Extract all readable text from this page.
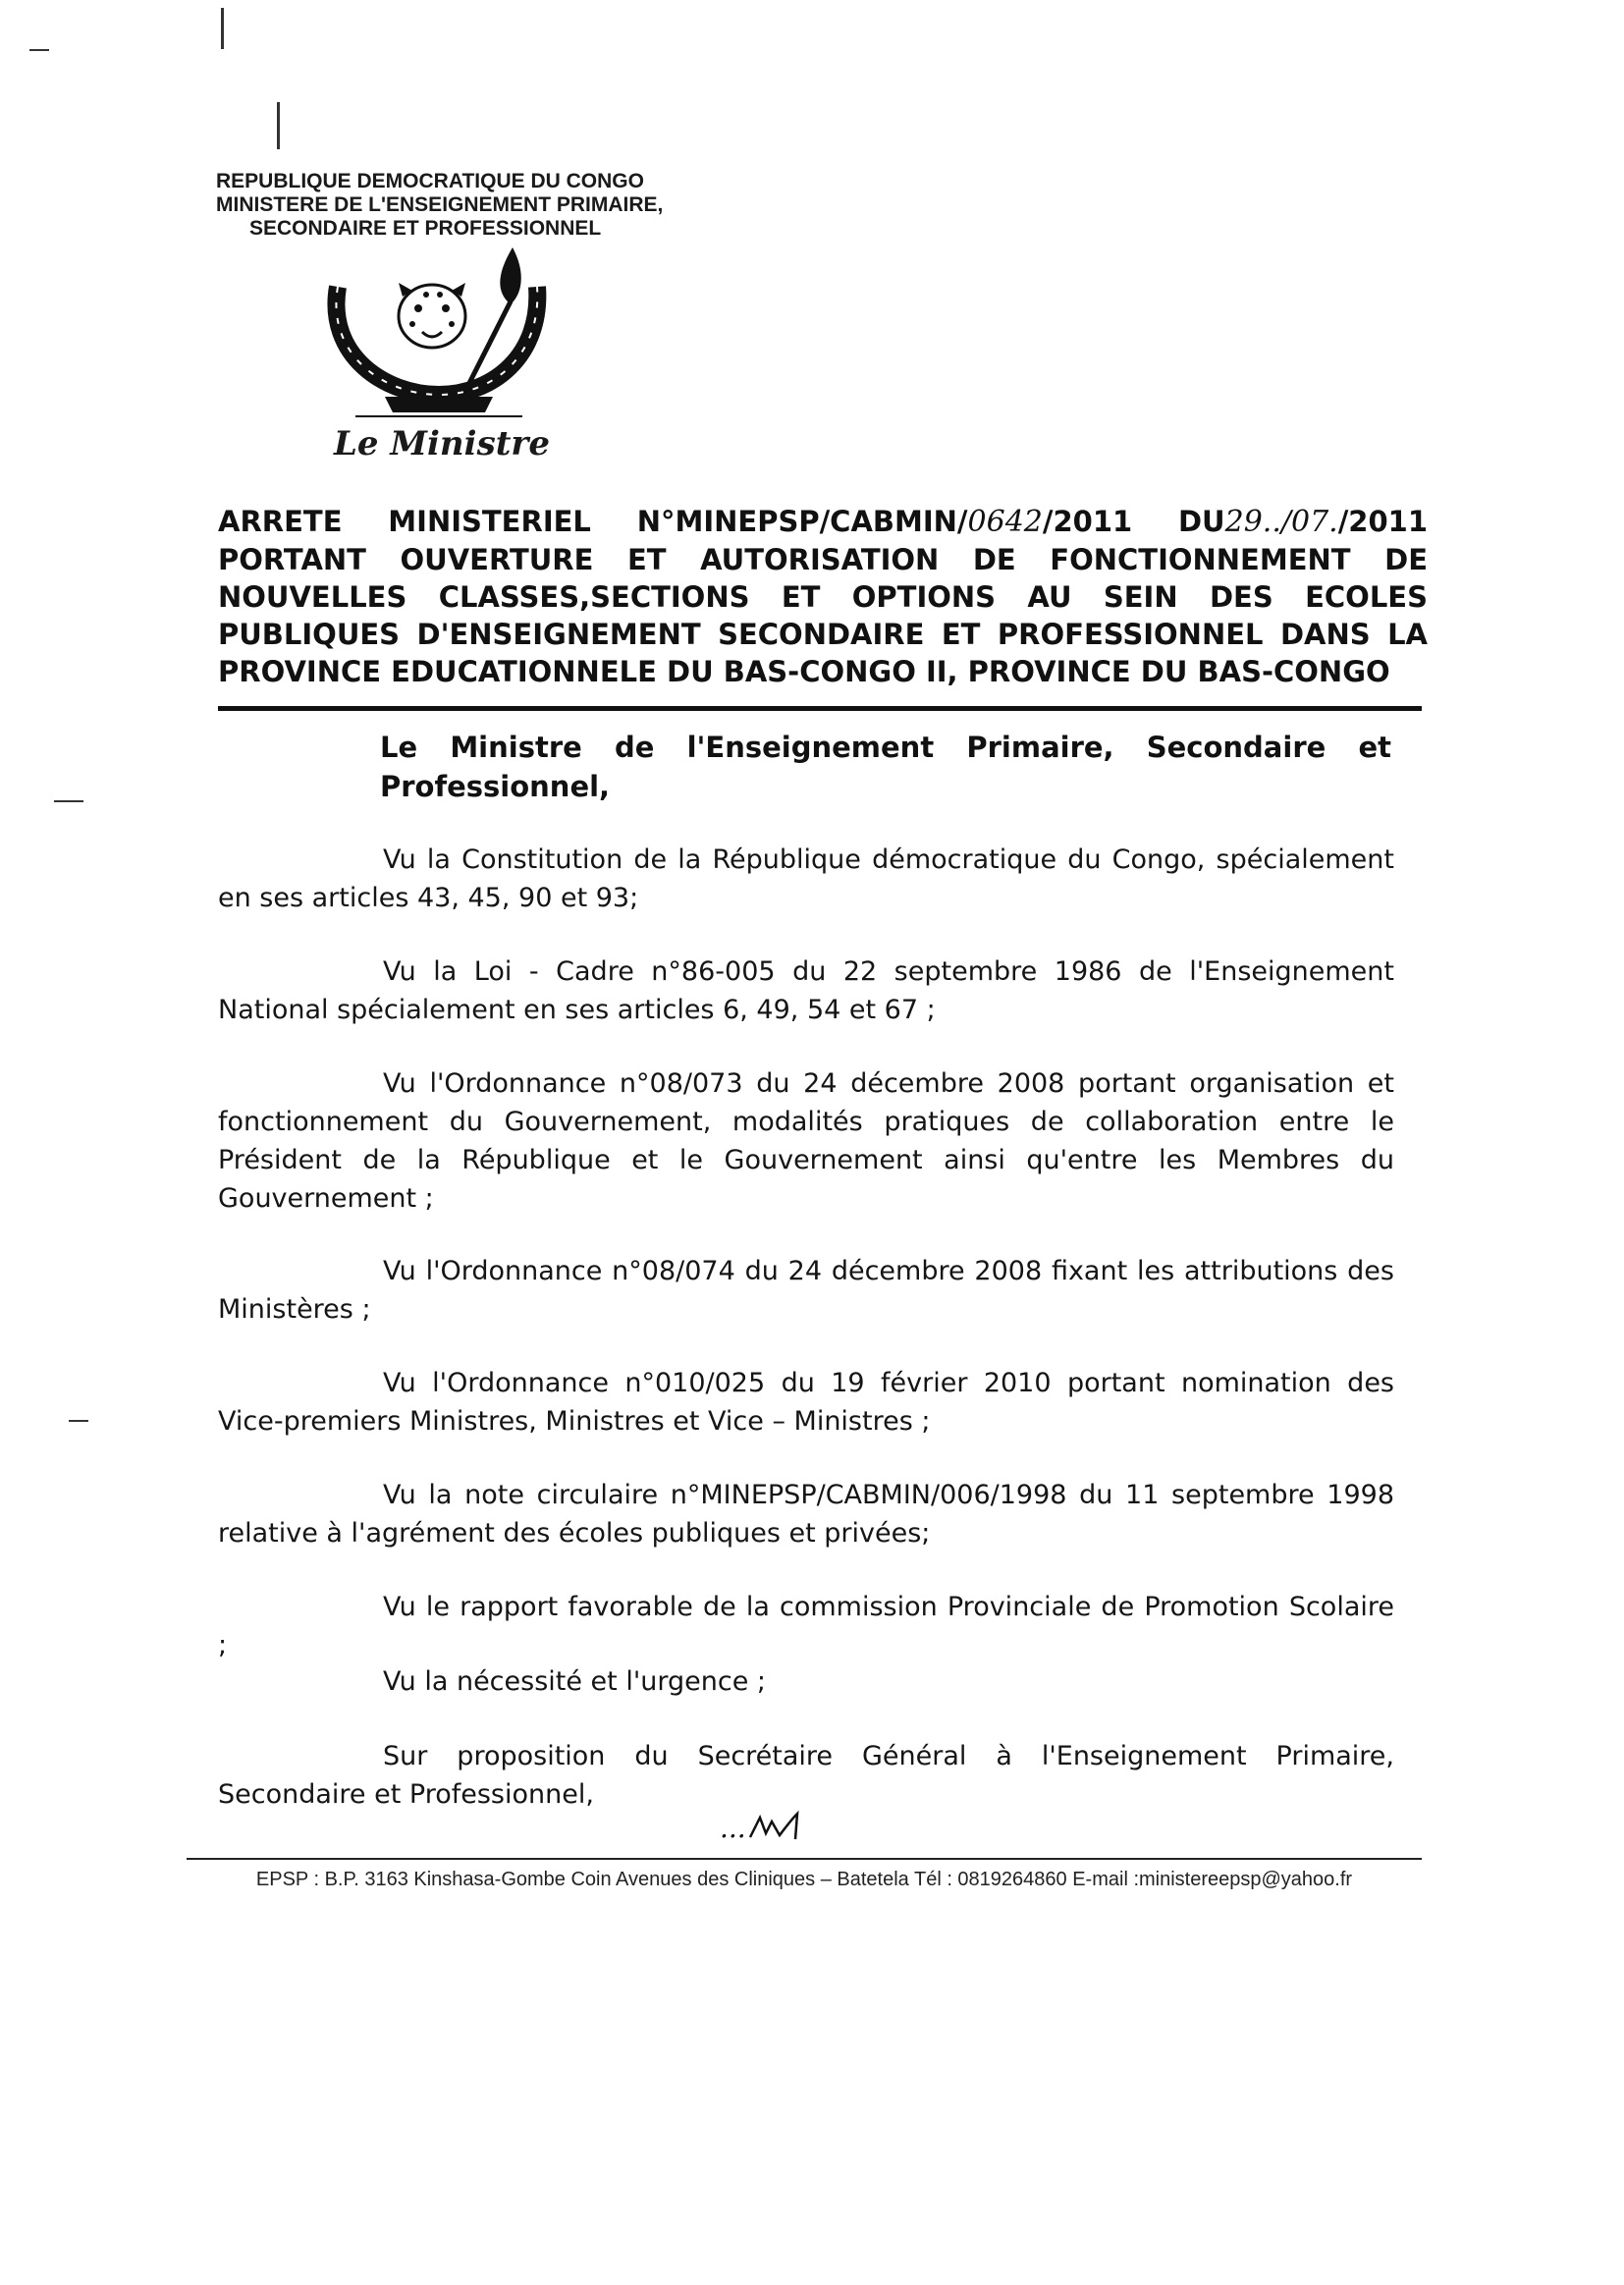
REPUBLIQUE DEMOCRATIQUE DU CONGO
MINISTERE DE L'ENSEIGNEMENT PRIMAIRE,
SECONDAIRE ET PROFESSIONNEL
Le Ministre
ARRETE MINISTERIEL N°MINEPSP/CABMIN/0642/2011 DU29../07./2011
PORTANT OUVERTURE ET AUTORISATION DE FONCTIONNEMENT DE
NOUVELLES CLASSES,SECTIONS ET OPTIONS AU SEIN DES ECOLES
PUBLIQUES D'ENSEIGNEMENT SECONDAIRE ET PROFESSIONNEL DANS LA
PROVINCE EDUCATIONNELE DU BAS-CONGO II, PROVINCE DU BAS-CONGO
Le Ministre de l'Enseignement Primaire, Secondaire et
Professionnel,
Vu la Constitution de la République démocratique du Congo, spécialement en ses articles 43, 45, 90 et 93;
Vu la Loi - Cadre n°86-005 du 22 septembre 1986 de l'Enseignement National spécialement en ses articles 6, 49, 54 et 67 ;
Vu l'Ordonnance n°08/073 du 24 décembre 2008 portant organisation et fonctionnement du Gouvernement, modalités pratiques de collaboration entre le Président de la République et le Gouvernement ainsi qu'entre les Membres du Gouvernement ;
Vu l'Ordonnance n°08/074 du 24 décembre 2008 fixant les attributions des Ministères ;
Vu l'Ordonnance n°010/025 du 19 février 2010 portant nomination des Vice-premiers Ministres, Ministres et Vice – Ministres ;
Vu la note circulaire n°MINEPSP/CABMIN/006/1998 du 11 septembre 1998 relative à l'agrément des écoles publiques et privées;
Vu le rapport favorable de la commission Provinciale de Promotion Scolaire ;
Vu la nécessité et l'urgence ;
Sur proposition du Secrétaire Général à l'Enseignement Primaire, Secondaire et Professionnel,
...
EPSP : B.P. 3163 Kinshasa-Gombe Coin Avenues des Cliniques – Batetela Tél : 0819264860 E-mail :ministereepsp@yahoo.fr
